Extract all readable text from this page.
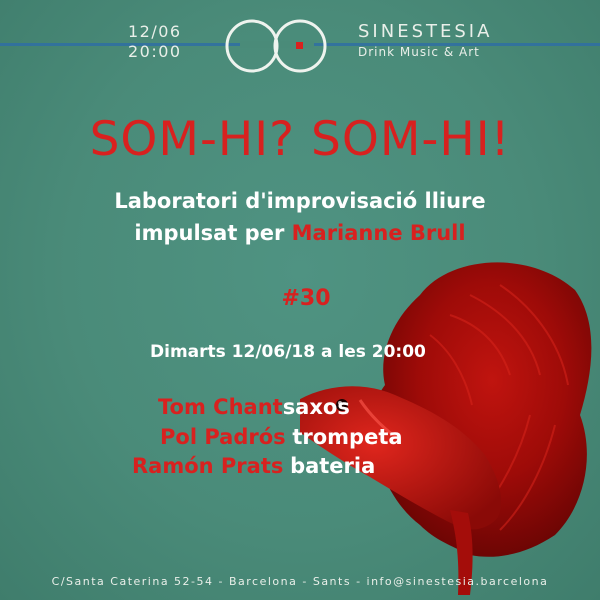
12/06
20:00
SINESTESIA
Drink Music & Art
SOM-HI? SOM-HI!
Laboratori d'improvisació lliure
impulsat per Marianne Brull
#30
Dimarts 12/06/18 a les 20:00
Tom Chantsaxos
Pol Padrós trompeta
Ramón Prats bateria
C/Santa Caterina 52-54 - Barcelona - Sants - info@sinestesia.barcelona
